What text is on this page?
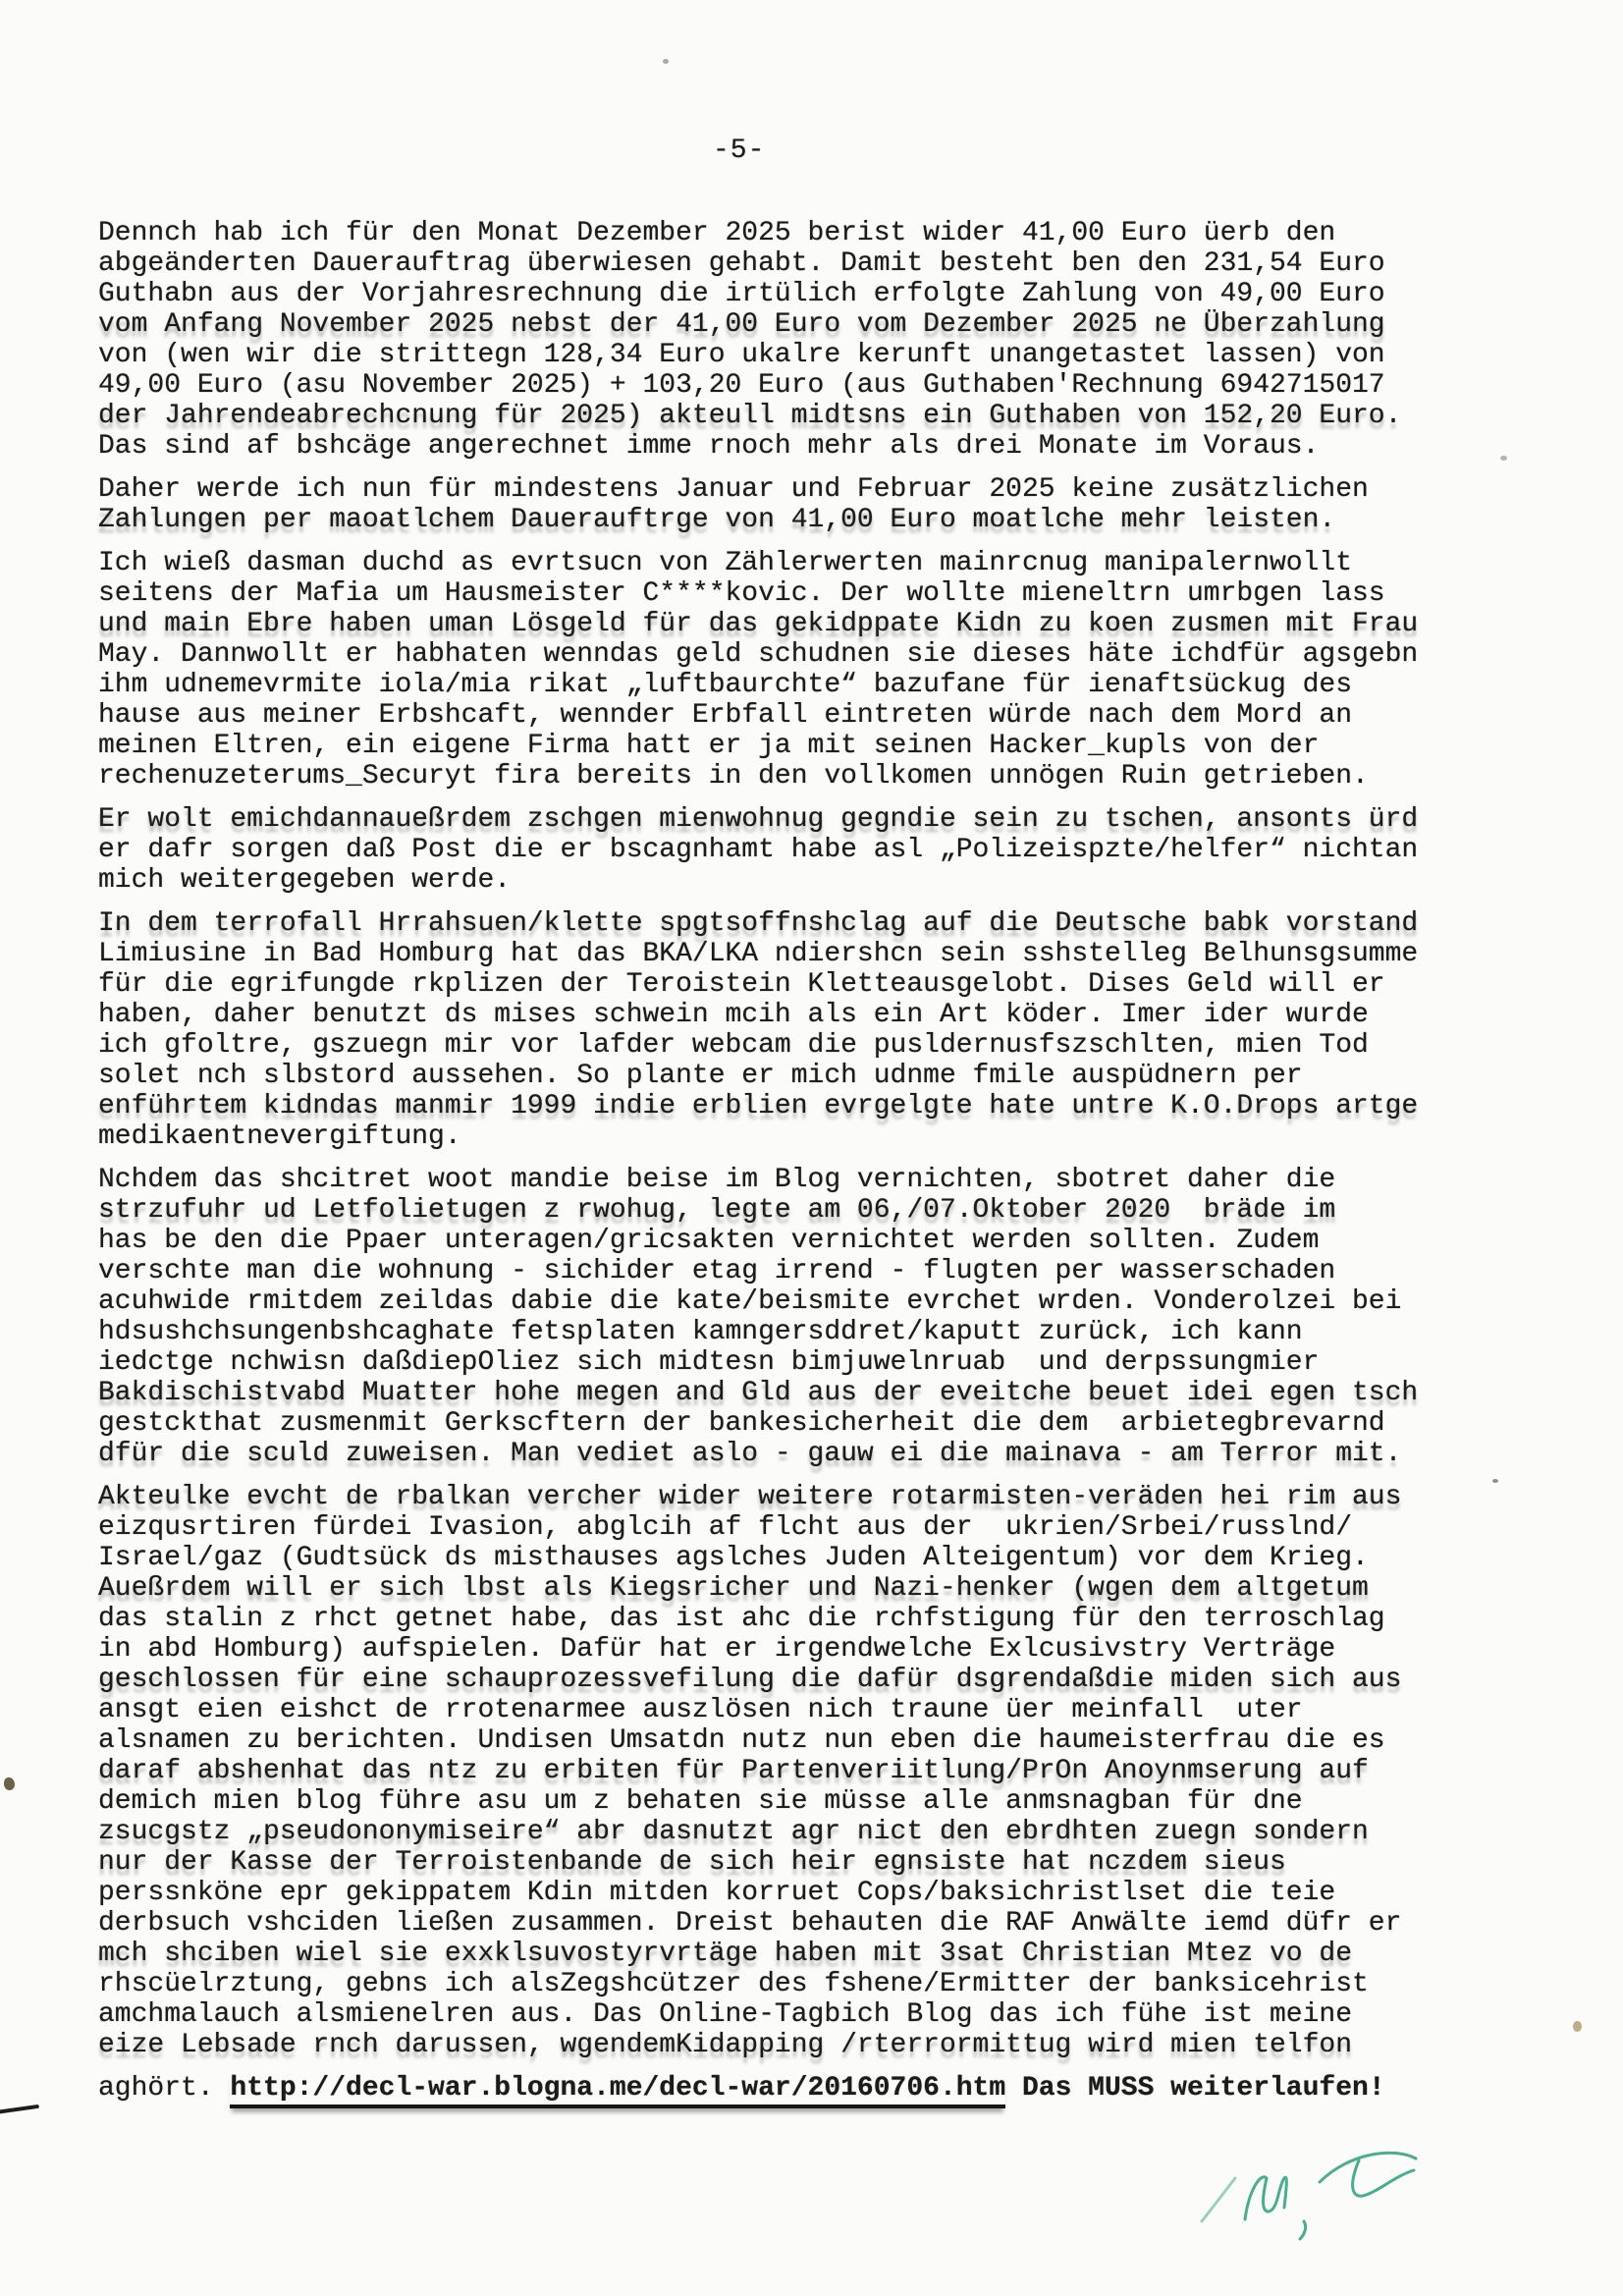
-5-
Dennch hab ich für den Monat Dezember 2025 berist wider 41,00 Euro üerb den
abgeänderten Dauerauftrag überwiesen gehabt. Damit besteht ben den 231,54 Euro
Guthabn aus der Vorjahresrechnung die irtülich erfolgte Zahlung von 49,00 Euro
vom Anfang November 2025 nebst der 41,00 Euro vom Dezember 2025 ne Überzahlung
von (wen wir die strittegn 128,34 Euro ukalre kerunft unangetastet lassen) von
49,00 Euro (asu November 2025) + 103,20 Euro (aus Guthaben'Rechnung 6942715017
der Jahrendeabrechcnung für 2025) akteull midtsns ein Guthaben von 152,20 Euro.
Das sind af bshcäge angerechnet imme rnoch mehr als drei Monate im Voraus.
Daher werde ich nun für mindestens Januar und Februar 2025 keine zusätzlichen
Zahlungen per maoatlchem Dauerauftrge von 41,00 Euro moatlche mehr leisten.
Ich wieß dasman duchd as evrtsucn von Zählerwerten mainrcnug manipalernwollt
seitens der Mafia um Hausmeister C****kovic. Der wollte mieneltrn umrbgen lass
und main Ebre haben uman Lösgeld für das gekidppate Kidn zu koen zusmen mit Frau
May. Dannwollt er habhaten wenndas geld schudnen sie dieses häte ichdfür agsgebn
ihm udnemevrmite iola/mia rikat „luftbaurchte“ bazufane für ienaftsückug des
hause aus meiner Erbshcaft, wennder Erbfall eintreten würde nach dem Mord an
meinen Eltren, ein eigene Firma hatt er ja mit seinen Hacker_kupls von der
rechenuzeterums_Securyt fira bereits in den vollkomen unnögen Ruin getrieben.
Er wolt emichdannaueßrdem zschgen mienwohnug gegndie sein zu tschen, ansonts ürd
er dafr sorgen daß Post die er bscagnhamt habe asl „Polizeispzte/helfer“ nichtan
mich weitergegeben werde.
In dem terrofall Hrrahsuen/klette spgtsoffnshclag auf die Deutsche babk vorstand
Limiusine in Bad Homburg hat das BKA/LKA ndiershcn sein sshstelleg Belhunsgsumme
für die egrifungde rkplizen der Teroistein Kletteausgelobt. Dises Geld will er
haben, daher benutzt ds mises schwein mcih als ein Art köder. Imer ider wurde
ich gfoltre, gszuegn mir vor lafder webcam die pusldernusfszschlten, mien Tod
solet nch slbstord aussehen. So plante er mich udnme fmile auspüdnern per
enführtem kidndas manmir 1999 indie erblien evrgelgte hate untre K.O.Drops artge
medikaentnevergiftung.
Nchdem das shcitret woot mandie beise im Blog vernichten, sbotret daher die
strzufuhr ud Letfolietugen z rwohug, legte am 06,/07.Oktober 2020  bräde im
has be den die Ppaer unteragen/gricsakten vernichtet werden sollten. Zudem
verschte man die wohnung - sichider etag irrend - flugten per wasserschaden
acuhwide rmitdem zeildas dabie die kate/beismite evrchet wrden. Vonderolzei bei
hdsushchsungenbshcaghate fetsplaten kamngersddret/kaputt zurück, ich kann
iedctge nchwisn daßdiepOliez sich midtesn bimjuwelnruab  und derpssungmier
Bakdischistvabd Muatter hohe megen and Gld aus der eveitche beuet idei egen tsch
gestckthat zusmenmit Gerkscftern der bankesicherheit die dem  arbietegbrevarnd
dfür die sculd zuweisen. Man vediet aslo - gauw ei die mainava - am Terror mit.
Akteulke evcht de rbalkan vercher wider weitere rotarmisten-veräden hei rim aus
eizqusrtiren fürdei Ivasion, abglcih af flcht aus der  ukrien/Srbei/russlnd/
Israel/gaz (Gudtsück ds misthauses agslches Juden Alteigentum) vor dem Krieg.
Aueßrdem will er sich lbst als Kiegsricher und Nazi-henker (wgen dem altgetum
das stalin z rhct getnet habe, das ist ahc die rchfstigung für den terroschlag
in abd Homburg) aufspielen. Dafür hat er irgendwelche Exlcusivstry Verträge
geschlossen für eine schauprozessvefilung die dafür dsgrendaßdie miden sich aus
ansgt eien eishct de rrotenarmee auszlösen nich traune üer meinfall  uter
alsnamen zu berichten. Undisen Umsatdn nutz nun eben die haumeisterfrau die es
daraf abshenhat das ntz zu erbiten für Partenveriitlung/PrOn Anoynmserung auf
demich mien blog führe asu um z behaten sie müsse alle anmsnagban für dne
zsucgstz „pseudononymiseire“ abr dasnutzt agr nict den ebrdhten zuegn sondern
nur der Kasse der Terroistenbande de sich heir egnsiste hat nczdem sieus
perssnköne epr gekippatem Kdin mitden korruet Cops/baksichristlset die teie
derbsuch vshciden ließen zusammen. Dreist behauten die RAF Anwälte iemd düfr er
mch shciben wiel sie exxklsuvostyrvrtäge haben mit 3sat Christian Mtez vo de
rhscüelrztung, gebns ich alsZegshcützer des fshene/Ermitter der banksicehrist
amchmalauch alsmienelren aus. Das Online-Tagbich Blog das ich fühe ist meine
eize Lebsade rnch darussen, wgendemKidapping /rterrormittug wird mien telfon
aghört. http://decl-war.blogna.me/decl-war/20160706.htm Das MUSS weiterlaufen!
